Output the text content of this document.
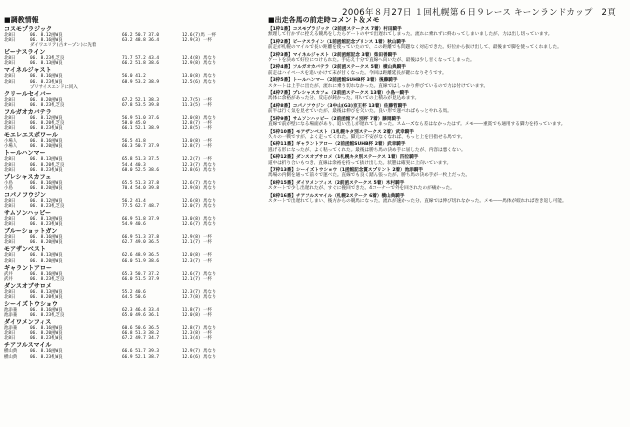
2006年８月27日 １回札幌第６日９レース キーンランドカップ　2頁
■調教情報
コスモプラジック
北8日	06. 8.12函W良	66.2 50.7 37.0	12.6(7)馬 一杯
北8日	06. 8.16函W良	63.2 48.8 36.4	12.9(3) 一杯
ダイワエリア(古オープン)に先着
ビーナスライン
北8日	06. 8.23札芝良	71.7 57.2 43.4	12.4(8) 馬なり
北8日	06. 8.13函W良	66.2 51.8 38.6	12.9(8) 馬なり
マイネルジャスト
北8日	06. 8.16函W良	56.0 41.2	13.0(8) 馬なり
北8日	06. 8.23札W良	68.9 53.2 38.9	12.5(6) 馬なり
プリサイスエンドに同入
クリールセイバー
北8日	06. 8.20函W良	67.2 52.1 38.3	12.7(5) 一杯
北8日	06. 8.23札芝良	67.8 53.5 39.8	11.3(5) 一杯
フルガオカバテラ
北8日	06. 8.12函W良	56.9 51.0 37.6	12.0(8) 馬なり
北8日	06. 8.20札芝良	58.0 45.0	12.8(7) 一杯
北8日	06. 8.23札W良	66.1 52.1 38.9	12.8(5) 一杯
モエレエスポワール
小場人	06. 8.16函W良	56.5 41.8	13.0(8) 一杯
小場人	06. 8.20函W良	66.3 50.7 37.9	12.8(7) 一杯
トールハンマー
北8日	06. 8.13函W良	65.8 51.3 37.5	12.2(7) 一杯
北8日	06. 8.20札芝良	54.4 40.3	12.3(7) 馬なり
北8日	06. 8.23札W良	68.0 52.5 38.6	12.8(6) 馬なり
プレシャスカフェ
小島	06. 8.16函W良	65.5 51.3 37.8	12.6(7) 馬なり
小島	06. 8.20函W良	70.4 54.0 39.8	12.9(8) 馬なり
コパノフウジン
北8日	06. 8.12函W良	56.2 41.4	12.6(8) 馬なり
北8日	06. 8.23札芝良	77.5 62.7 48.7	12.0(7) 馬なり
サムソンハッピー
北8日	06. 8.13函W良	66.9 51.8 37.9	13.0(8) 馬なり
北8日	06. 8.23札W良	54.9 40.6	12.6(7) 馬なり
ブルーショットガン
北8日	06. 8.16函W良	66.9 51.3 37.8	12.9(8) 一杯
北8日	06. 8.20函W良	62.7 49.0 36.5	12.1(7) 一杯
モアザンベスト
北8日	06. 8.13函W良	62.6 48.9 36.5	12.0(8) 一杯
北8日	06. 8.20函W良	66.0 51.9 38.6	12.3(7) 一杯
ギャラントアロー
武井	06. 8.16函W良	65.3 50.7 37.2	12.6(7) 馬なり
武井	06. 8.23札芝良	66.0 51.5 37.9	12.1(7) 一杯
ダンスオブサロメ
北8日	06. 8.13函W良	55.2 40.6	12.3(7) 馬なり
北8日	06. 8.20札W良	64.5 50.6	12.7(8) 馬なり
シーイズトウショウ
池添兼	06. 8.16函W良	62.3 46.4 33.4	11.8(7) 一杯
池添兼	06. 8.23札芝良	65.0 49.6 36.1	12.0(8) 一杯
ダイワメンフィス
池添兼	06. 8.16函W良	60.6 50.6 36.5	12.8(7) 馬なり
北8日	06. 8.20函W良	66.8 51.3 38.2	12.3(8) 一杯
北8日	06. 8.23札W良	67.2 49.7 34.7	11.3(4) 一杯
チアフルスマイル
横山典	06. 8.16函W良	66.6 51.7 39.3	12.9(7) 馬なり
横山典	06. 8.23札W良	66.9 52.1 38.7	12.6(6) 馬なり
■出走各馬の前走時コメント＆メモ
【1枠1番】コスモプラジック（2前函ステークス 7着）村田騎手
無理して行かずに控える競馬をしたらゲートの中で出遅れてしまった。流れに乗れずに終わってしまいましたが、力は出し切っています。
【1枠2番】ビーナスライン（1前函館記念プリンス 1着）秋山騎手
前走が札幌のマイルで長い距離を使っていたので、この距離でも問題なく対応できた。好位から抜け出して、最後まで脚を使ってくれました。
【2枠3番】マイネルジャスト（2前函館記念 3着）柴田善騎手
ゲートを決めて好位につけられた。手応え十分で直線へ向いたが、最後は少し甘くなってしまった。
【2枠4番】フルガオカバテラ（2前函ステークス 5着）横山典騎手
前走はハイペースを追いかけて末が甘くなった。今回は距離延長が鍵になりそうです。
【3枠5番】トールハンマー（2前函館SUHB杯 3着）後藤騎手
スタートは上手に出たが、流れに乗り切れなかった。直線ではしっかり伸びているので力は付けています。
【4枠7番】プレシャスカフェ（2前函ステークス 13着）小島一騎手
馬体に余裕があった分、反応が鈍かった。叩いての上積みが見込めます。
【4枠8番】コパノフウジン（3中山(G3)京王杯 13着）佐藤哲騎手
前半は行く気を見せていたが、最後は伸びを欠いた。良い形で運べればもっとやれる馬。
【5枠9番】サムソンハッピー（2前函館アイ別杯 7着）藤岡騎手
直線で前が壁になる場面があり、追い出しが遅れてしまった。スムーズなら差はなかったはず。メモ――重賞でも通用する脚力を持っています。
【5枠10番】モアザンベスト（1札幌キタ別ステークス 2着）武幸騎手
久々の一戦ですが、よく走ってくれた。脚元に不安がなくなれば、もっと上を目指せる馬です。
【6枠11番】ギャラントアロー（2前函館SUHB杯 2着）武幸騎手
逃げる形になったが、よく粘ってくれた。最後は勝ち馬の決め手に屈したが、内容は悪くない。
【6枠12番】ダンスオブサロメ（1札幌キタ別ステークス 1着）四位騎手
道中は折り合いもつき、直線は余裕を持って抜け出した。状態は確実に上向いています。
【7枠13番】シーイズトウショウ（1函館記念賞スプリント 2着）池添騎手
馬場の内側を通って前々で運べた。直線でも良く踏ん張ったが、勝ち馬の決め手が一枚上だった。
【8枠15番】ダイワメンフィス（2前函ステークス 5着）木村騎手
スタートで少し出遅れたが、すぐに挽回できた。4コーナーで外を回されたのが痛かった。
【8枠16番】チアフルスマイル（札幌2ステーク 6着）横山典騎手
スタートで出遅れてしまい、後方からの競馬になった。流れが速かった分、直線では伸び切れなかった。メモ――馬体が絞れれば巻き返し可能。
